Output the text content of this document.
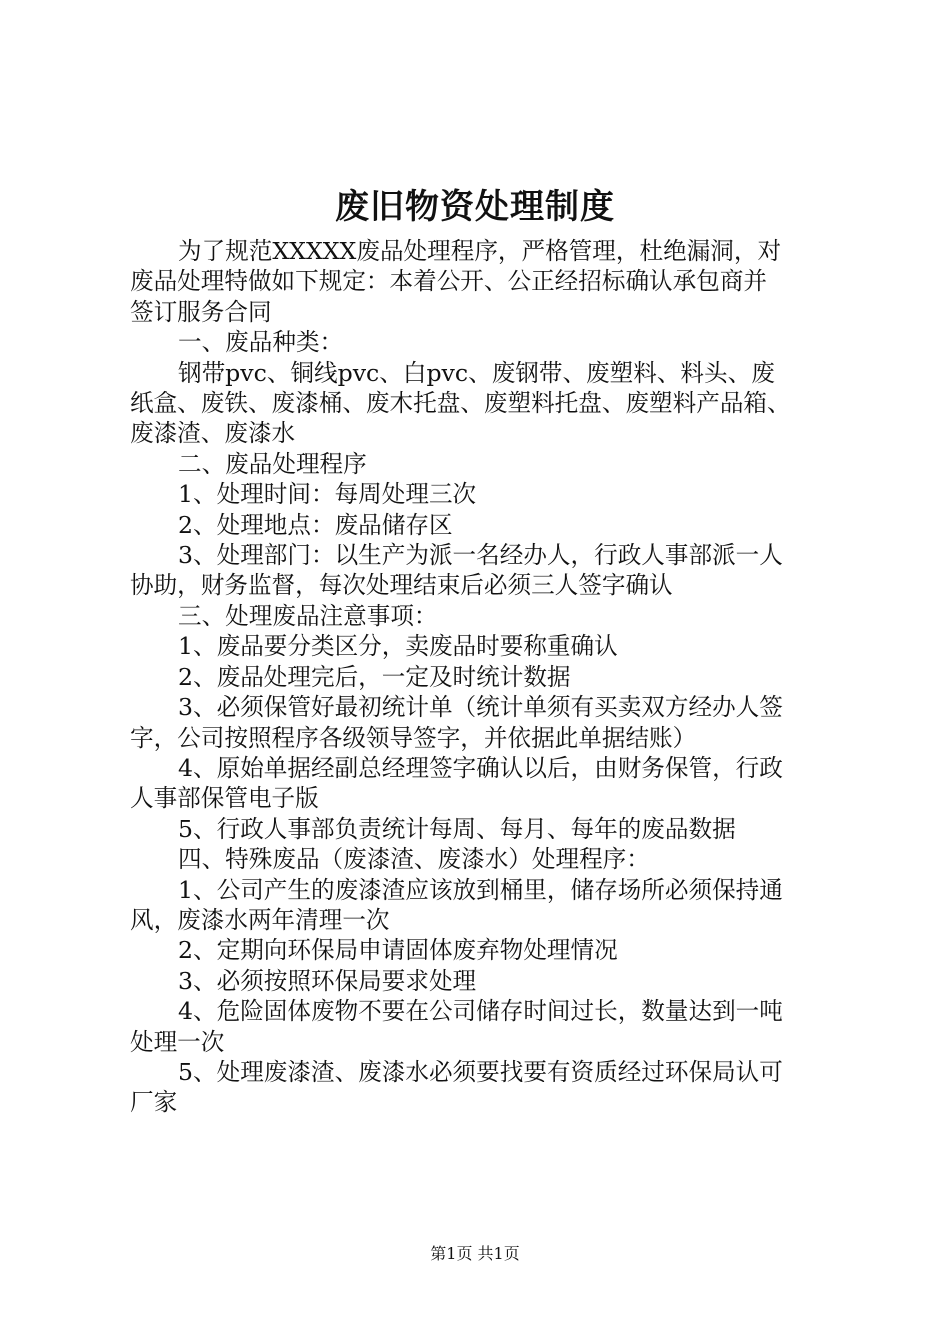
废旧物资处理制度

为了规范XXXXX废品处理程序，严格管理，杜绝漏洞，对

废品处理特做如下规定：本着公开、公正经招标确认承包商并

签订服务合同

一、废品种类：

钢带pvc、铜线pvc、白pvc、废钢带、废塑料、料头、废

纸盒、废铁、废漆桶、废木托盘、废塑料托盘、废塑料产品箱、

废漆渣、废漆水

二、废品处理程序

1、处理时间：每周处理三次

2、处理地点：废品储存区

3、处理部门：以生产为派一名经办人，行政人事部派一人

协助，财务监督，每次处理结束后必须三人签字确认

三、处理废品注意事项：

1、废品要分类区分，卖废品时要称重确认

2、废品处理完后，一定及时统计数据

3、必须保管好最初统计单（统计单须有买卖双方经办人签

字，公司按照程序各级领导签字，并依据此单据结账）

4、原始单据经副总经理签字确认以后，由财务保管，行政

人事部保管电子版

5、行政人事部负责统计每周、每月、每年的废品数据

四、特殊废品（废漆渣、废漆水）处理程序：

1、公司产生的废漆渣应该放到桶里，储存场所必须保持通

风，废漆水两年清理一次

2、定期向环保局申请固体废弃物处理情况

3、必须按照环保局要求处理

4、危险固体废物不要在公司储存时间过长，数量达到一吨

处理一次

5、处理废漆渣、废漆水必须要找要有资质经过环保局认可

厂家

第1页 共1页
